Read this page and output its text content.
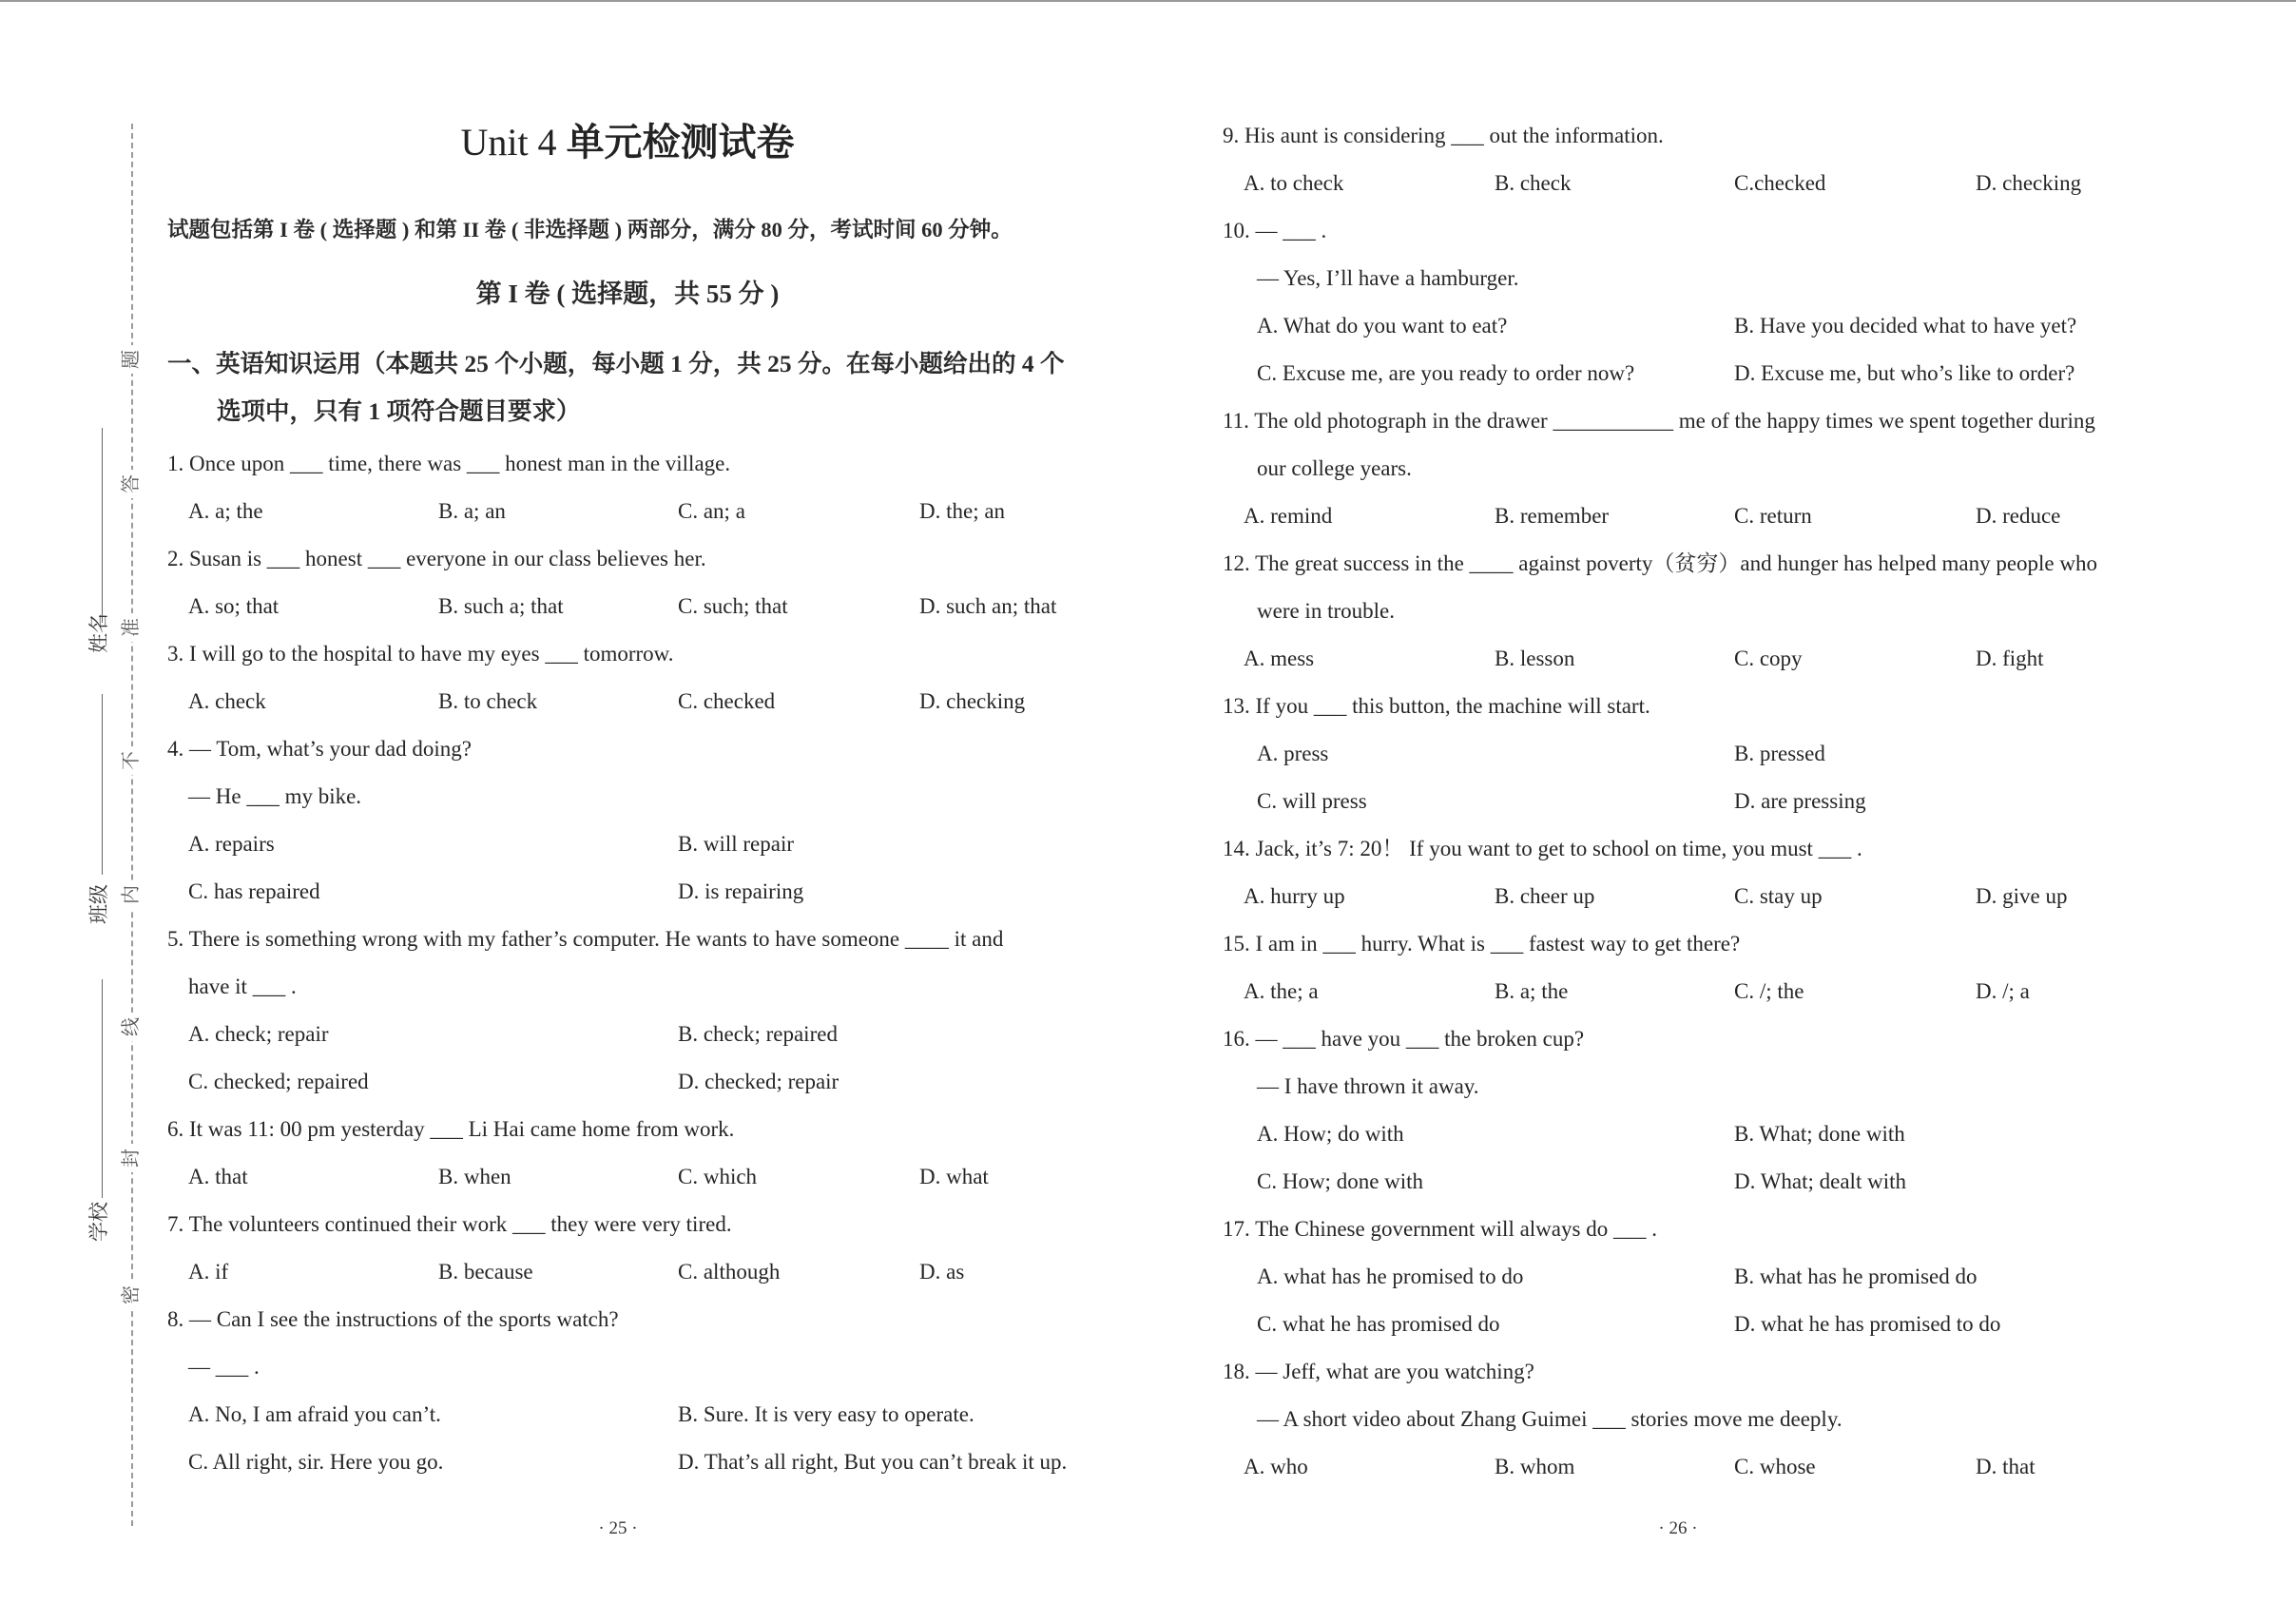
题
答
准
不
内
线
封
密
姓名
班级
学校
Unit 4 单元检测试卷
试题包括第 I 卷 ( 选择题 ) 和第 II 卷 ( 非选择题 ) 两部分，满分 80 分，考试时间 60 分钟。
第 I 卷 ( 选择题，共 55 分 )
一、英语知识运用（本题共 25 个小题，每小题 1 分，共 25 分。在每小题给出的 4 个
选项中，只有 1 项符合题目要求）
1. Once upon ___ time, there was ___ honest man in the village.
A. a; the	B. a; an	C. an; a	D. the; an
2. Susan is ___ honest ___ everyone in our class believes her.
A. so; that	B. such a; that	C. such; that	D. such an; that
3. I will go to the hospital to have my eyes ___ tomorrow.
A. check	B. to check	C. checked	D. checking
4. — Tom, what’s your dad doing?
— He ___ my bike.
A. repairs	B. will repair
C. has repaired	D. is repairing
5. There is something wrong with my father’s computer. He wants to have someone ____ it and
have it ___ .
A. check; repair	B. check; repaired
C. checked; repaired	D. checked; repair
6. It was 11: 00 pm yesterday ___ Li Hai came home from work.
A. that	B. when	C. which	D. what
7. The volunteers continued their work ___ they were very tired.
A. if	B. because	C. although	D. as
8. — Can I see the instructions of the sports watch?
— ___ .
A. No, I am afraid you can’t.	B. Sure. It is very easy to operate.
C. All right, sir. Here you go.	D. That’s all right, But you can’t break it up.
9. His aunt is considering ___ out the information.
A. to check	B. check	C.checked	D. checking
10. — ___ .
— Yes, I’ll have a hamburger.
A. What do you want to eat?	B. Have you decided what to have yet?
C. Excuse me, are you ready to order now?	D. Excuse me, but who’s like to order?
11. The old photograph in the drawer ___________ me of the happy times we spent together during
our college years.
A. remind	B. remember	C. return	D. reduce
12. The great success in the ____ against poverty（贫穷）and hunger has helped many people who
were in trouble.
A. mess	B. lesson	C. copy	D. fight
13. If you ___ this button, the machine will start.
A. press	B. pressed
C. will press	D. are pressing
14. Jack, it’s 7: 20！ If you want to get to school on time, you must ___ .
A. hurry up	B. cheer up	C. stay up	D. give up
15. I am in ___ hurry. What is ___ fastest way to get there?
A. the; a	B. a; the	C. /; the	D. /; a
16. — ___ have you ___ the broken cup?
— I have thrown it away.
A. How; do with	B. What; done with
C. How; done with	D. What; dealt with
17. The Chinese government will always do ___ .
A. what has he promised to do	B. what has he promised do
C. what he has promised do	D. what he has promised to do
18. — Jeff, what are you watching?
— A short video about Zhang Guimei ___ stories move me deeply.
A. who	B. whom	C. whose	D. that
· 25 ·	· 26 ·
